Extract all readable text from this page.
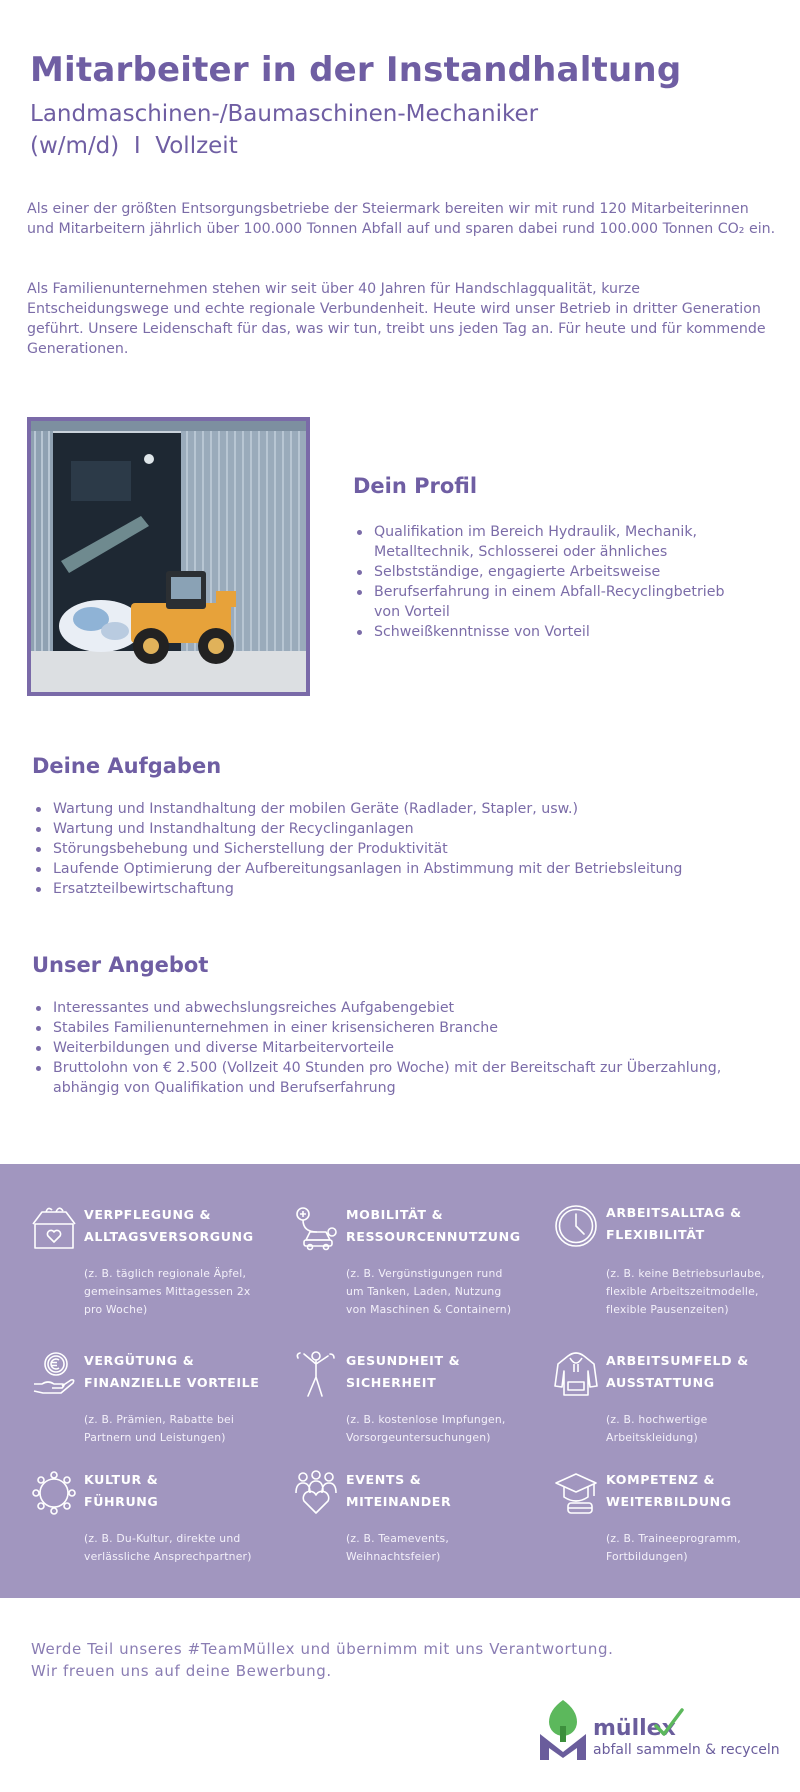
Mitarbeiter in der Instandhaltung
Landmaschinen-/Baumaschinen-Mechaniker
(w/m/d)  I  Vollzeit

Als einer der größten Entsorgungsbetriebe der Steiermark bereiten wir mit rund 120 Mitarbeiterinnen und Mitarbeitern jährlich über 100.000 Tonnen Abfall auf und sparen dabei rund 100.000 Tonnen CO₂ ein.

Als Familienunternehmen stehen wir seit über 40 Jahren für Handschlagqualität, kurze Entscheidungswege und echte regionale Verbundenheit. Heute wird unser Betrieb in dritter Generation geführt. Unsere Leidenschaft für das, was wir tun, treibt uns jeden Tag an. Für heute und für kommende Generationen.

Dein Profil
Qualifikation im Bereich Hydraulik, Mechanik, Metalltechnik, Schlosserei oder ähnliches
Selbstständige, engagierte Arbeitsweise
Berufserfahrung in einem Abfall-Recyclingbetrieb von Vorteil
Schweißkenntnisse von Vorteil
Deine Aufgaben
Wartung und Instandhaltung der mobilen Geräte (Radlader, Stapler, usw.)
Wartung und Instandhaltung der Recyclinganlagen
Störungsbehebung und Sicherstellung der Produktivität
Laufende Optimierung der Aufbereitungsanlagen in Abstimmung mit der Betriebsleitung
Ersatzteilbewirtschaftung
Unser Angebot
Interessantes und abwechslungsreiches Aufgabengebiet
Stabiles Familienunternehmen in einer krisensicheren Branche
Weiterbildungen und diverse Mitarbeitervorteile
Bruttolohn von € 2.500 (Vollzeit 40 Stunden pro Woche) mit der Bereitschaft zur Überzahlung, abhängig von Qualifikation und Berufserfahrung
VERPFLEGUNG &
ALLTAGSVERSORGUNG
(z. B. täglich regionale Äpfel,
gemeinsames Mittagessen 2x
pro Woche)
MOBILITÄT &
RESSOURCENNUTZUNG
(z. B. Vergünstigungen rund
um Tanken, Laden, Nutzung
von Maschinen & Containern)
ARBEITSALLTAG &
FLEXIBILITÄT
(z. B. keine Betriebsurlaube,
flexible Arbeitszeitmodelle,
flexible Pausenzeiten)
VERGÜTUNG &
FINANZIELLE VORTEILE
(z. B. Prämien, Rabatte bei
Partnern und Leistungen)
GESUNDHEIT &
SICHERHEIT
(z. B. kostenlose Impfungen,
Vorsorgeuntersuchungen)
ARBEITSUMFELD &
AUSSTATTUNG
(z. B. hochwertige
Arbeitskleidung)
KULTUR &
FÜHRUNG
(z. B. Du-Kultur, direkte und
verlässliche Ansprechpartner)
EVENTS &
MITEINANDER
(z. B. Teamevents,
Weihnachtsfeier)
KOMPETENZ &
WEITERBILDUNG
(z. B. Traineeprogramm,
Fortbildungen)
Werde Teil unseres #TeamMüllex und übernimm mit uns Verantwortung.
Wir freuen uns auf deine Bewerbung.
müllex
abfall sammeln & recyceln
